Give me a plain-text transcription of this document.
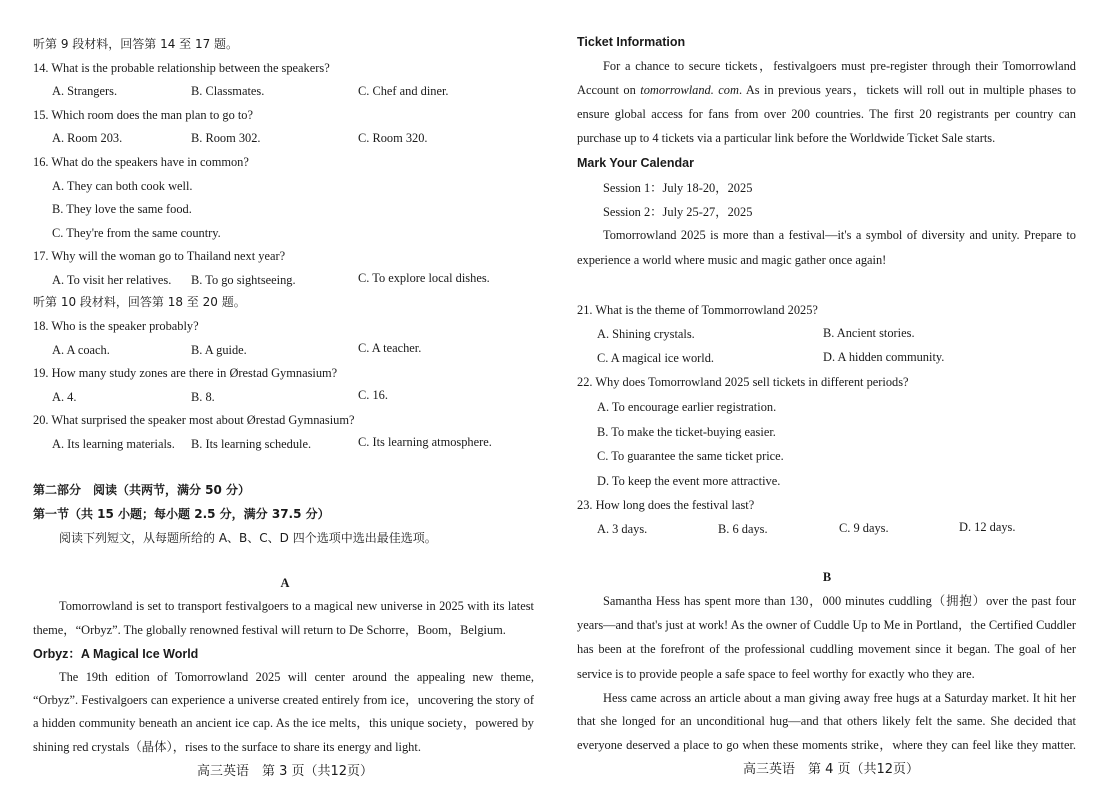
听第 9 段材料，回答第 14 至 17 题。
14. What is the probable relationship between the speakers?
A. Strangers.	B. Classmates.	C. Chef and diner.
15. Which room does the man plan to go to?
A. Room 203.	B. Room 302.	C. Room 320.
16. What do the speakers have in common?
A. They can both cook well.
B. They love the same food.
C. They're from the same country.
17. Why will the woman go to Thailand next year?
A. To visit her relatives. B. To go sightseeing.	C. To explore local dishes.
听第 10 段材料，回答第 18 至 20 题。
18. Who is the speaker probably?
A. A coach.	B. A guide.	C. A teacher.
19. How many study zones are there in Ørestad Gymnasium?
A. 4.	B. 8.	C. 16.
20. What surprised the speaker most about Ørestad Gymnasium?
A. Its learning materials. B. Its learning schedule.	C. Its learning atmosphere.
第二部分　阅读（共两节，满分 50 分）
第一节（共 15 小题；每小题 2.5 分，满分 37.5 分）
阅读下列短文，从每题所给的 A、B、C、D 四个选项中选出最佳选项。
A
Tomorrowland is set to transport festivalgoers to a magical new universe in 2025 with its latest
theme，“Orbyz”. The globally renowned festival will return to De Schorre，Boom，Belgium.
Orbyz：A Magical Ice World
The 19th edition of Tomorrowland 2025 will center around the appealing new theme,
“Orbyz”. Festivalgoers can experience a universe created entirely from ice，uncovering the story of
a hidden community beneath an ancient ice cap. As the ice melts，this unique society，powered by
shining red crystals（晶体），rises to the surface to share its energy and light.
高三英语　第 3 页（共12页）
Ticket Information
For a chance to secure tickets，festivalgoers must pre-register through their Tomorrowland
Account on tomorrowland. com. As in previous years，tickets will roll out in multiple phases to
ensure global access for fans from over 200 countries. The first 20 registrants per country can
purchase up to 4 tickets via a particular link before the Worldwide Ticket Sale starts.
Mark Your Calendar
Session 1：July 18-20，2025
Session 2：July 25-27，2025
Tomorrowland 2025 is more than a festival—it's a symbol of diversity and unity. Prepare to
experience a world where music and magic gather once again!
21. What is the theme of Tommorrowland 2025?
A. Shining crystals.	B. Ancient stories.
C. A magical ice world.	D. A hidden community.
22. Why does Tomorrowland 2025 sell tickets in different periods?
A. To encourage earlier registration.
B. To make the ticket-buying easier.
C. To guarantee the same ticket price.
D. To keep the event more attractive.
23. How long does the festival last?
A. 3 days.	B. 6 days.	C. 9 days.	D. 12 days.
B
Samantha Hess has spent more than 130，000 minutes cuddling（拥抱）over the past four
years—and that's just at work! As the owner of Cuddle Up to Me in Portland，the Certified Cuddler
has been at the forefront of the professional cuddling movement since it began. The goal of her
service is to provide people a safe space to feel worthy for exactly who they are.
Hess came across an article about a man giving away free hugs at a Saturday market. It hit her
that she longed for an unconditional hug—and that others likely felt the same. She decided that
everyone deserved a place to go when these moments strike，where they can feel like they matter.
高三英语　第 4 页（共12页）
